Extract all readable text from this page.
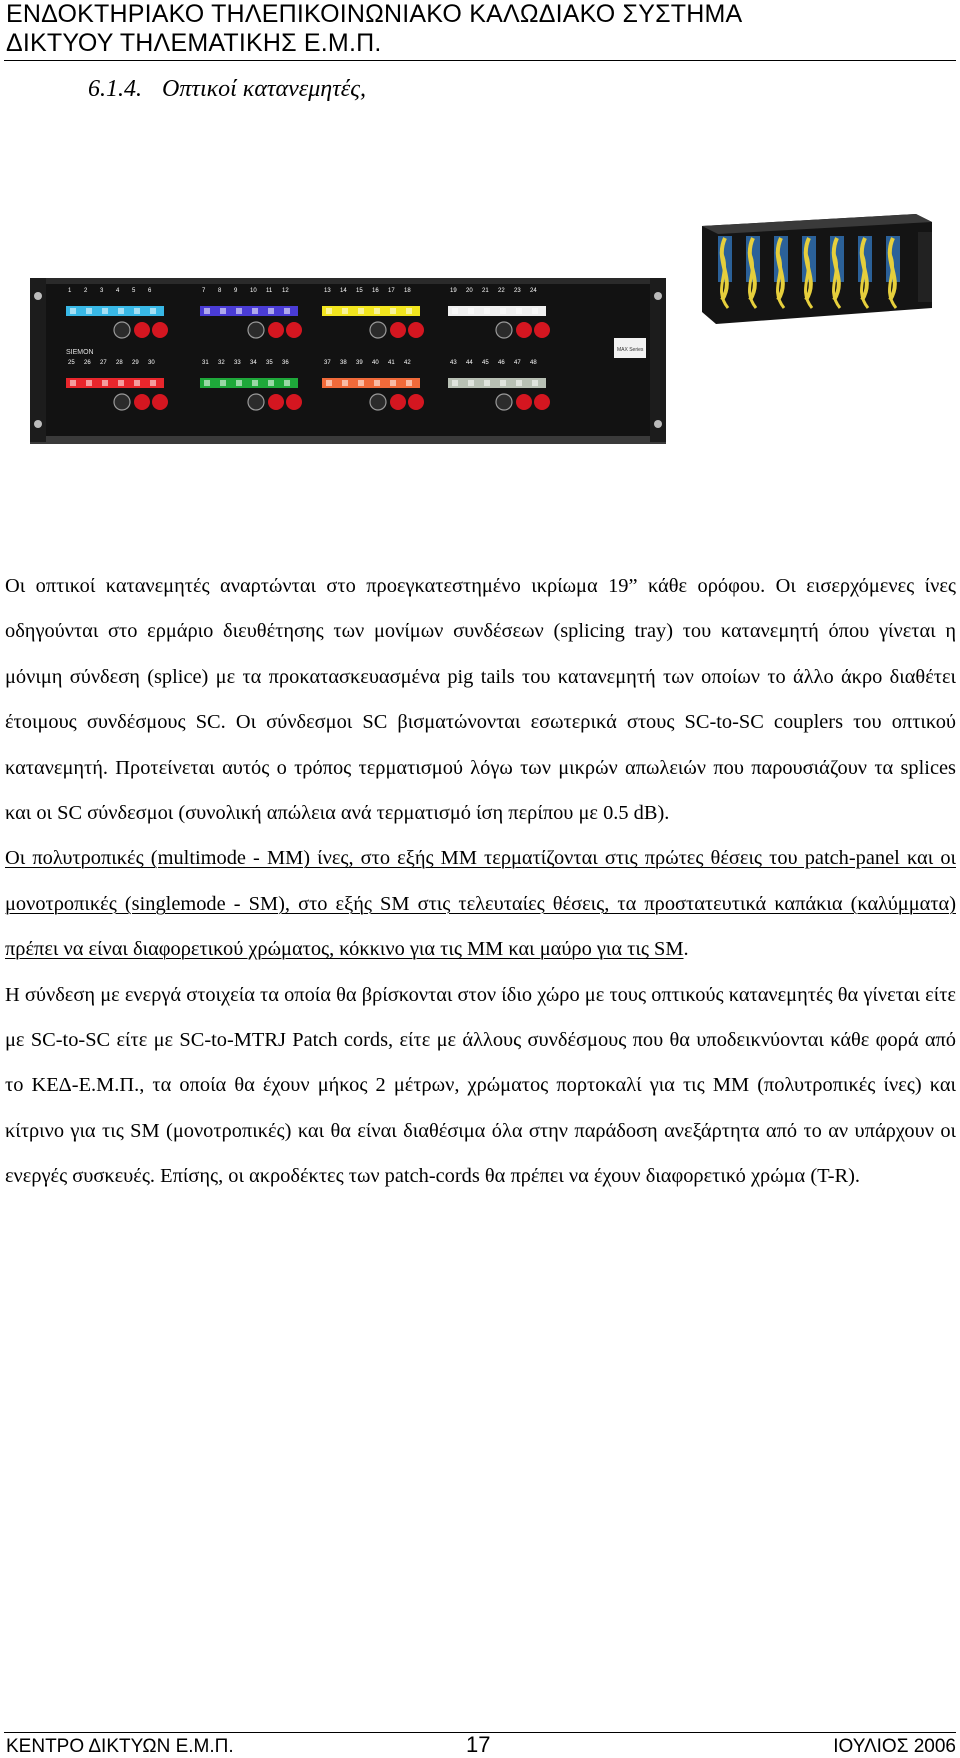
ΕΝΔΟΚΤΗΡΙΑΚΟ ΤΗΛΕΠΙΚΟΙΝΩΝΙΑΚΟ ΚΑΛΩΔΙΑΚΟ ΣΥΣΤΗΜΑ
ΔΙΚΤΥΟΥ ΤΗΛΕΜΑΤΙΚΗΣ Ε.Μ.Π.
6.1.4. Οπτικοί κατανεμητές,
SIEMON	MAX Series
1 2 3 4 5 6	7 8 9 10 11 12	13 14 15 16 17 18	19 20 21 22 23 24
25 26 27 28 29 30	31 32 33 34 35 36	37 38 39 40 41 42	43 44 45 46 47 48

Οι οπτικοί κατανεμητές αναρτώνται στο προεγκατεστημένο ικρίωμα 19” κάθε ορόφου. Οι εισερχόμενες ίνες οδηγούνται στο ερμάριο διευθέτησης των μονίμων συνδέσεων (splicing tray) του κατανεμητή όπου γίνεται η μόνιμη σύνδεση (splice) με τα προκατασκευασμένα pig tails του κατανεμητή των οποίων το άλλο άκρο διαθέτει έτοιμους συνδέσμους SC. Οι σύνδεσμοι SC βισματώνονται εσωτερικά στους SC-to-SC couplers του οπτικού κατανεμητή. Προτείνεται αυτός ο τρόπος τερματισμού λόγω των μικρών απωλειών που παρουσιάζουν τα splices και οι SC σύνδεσμοι (συνολική απώλεια ανά τερματισμό ίση περίπου με 0.5 dB).

Οι πολυτροπικές (multimode - MM) ίνες, στο εξής MM τερματίζονται στις πρώτες θέσεις του patch-panel και οι μονοτροπικές (singlemode - SM), στο εξής SM στις τελευταίες θέσεις, τα προστατευτικά καπάκια (καλύμματα) πρέπει να είναι διαφορετικού χρώματος, κόκκινο για τις MM και μαύρο για τις SM.

Η σύνδεση με ενεργά στοιχεία τα οποία θα βρίσκονται στον ίδιο χώρο με τους οπτικούς κατανεμητές θα γίνεται είτε με SC-to-SC είτε με SC-to-MTRJ Patch cords, είτε με άλλους συνδέσμους που θα υποδεικνύονται κάθε φορά από το ΚΕΔ-Ε.Μ.Π., τα οποία θα έχουν μήκος 2 μέτρων, χρώματος πορτοκαλί για τις MM (πολυτροπικές ίνες) και κίτρινο για τις SM (μονοτροπικές) και θα είναι διαθέσιμα όλα στην παράδοση ανεξάρτητα από το αν υπάρχουν οι ενεργές συσκευές. Επίσης, οι ακροδέκτες των patch-cords θα πρέπει να έχουν διαφορετικό χρώμα (T-R).

ΚΕΝΤΡΟ ΔΙΚΤΥΩΝ Ε.Μ.Π.	17	ΙΟΥΛΙΟΣ 2006
